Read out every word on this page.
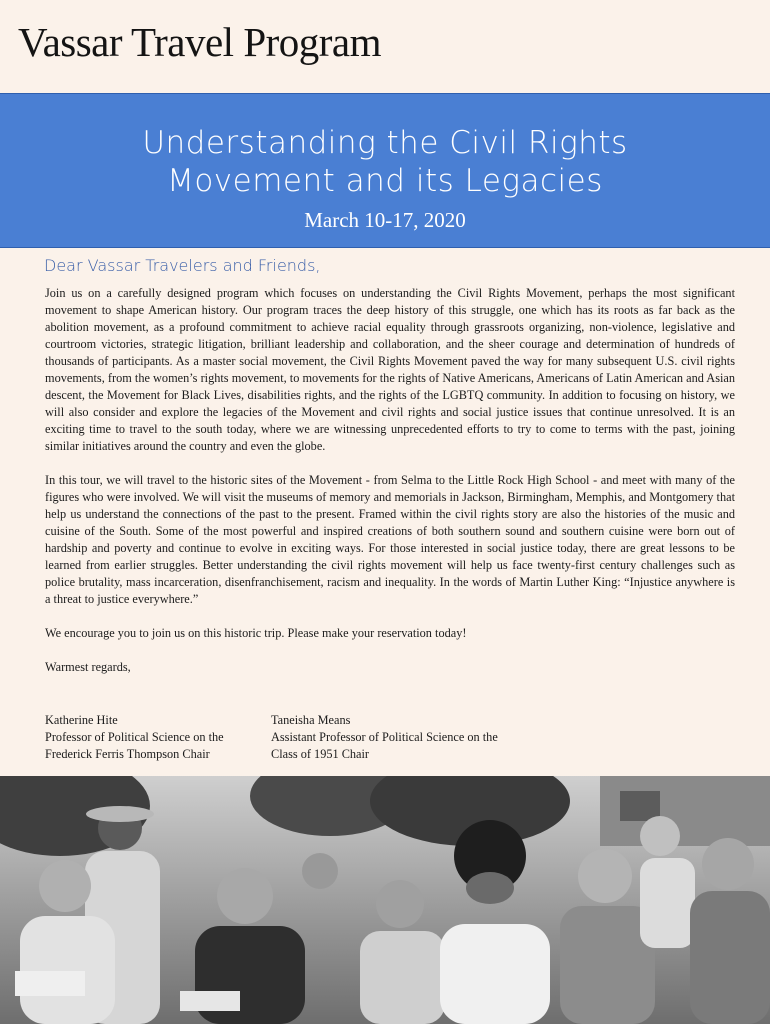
Vassar Travel Program
Understanding the Civil Rights
Movement and its Legacies
March 10-17, 2020
Dear Vassar Travelers and Friends,

Join us on a carefully designed program which focuses on understanding the Civil Rights Movement, perhaps the most significant movement to shape American history. Our program traces the deep history of this struggle, one which has its roots as far back as the abolition movement, as a profound commitment to achieve racial equality through grassroots organizing, non-violence, legislative and courtroom victories, strategic litigation, brilliant leadership and collaboration, and the sheer courage and determination of hundreds of thousands of participants. As a master social movement, the Civil Rights Movement paved the way for many subsequent U.S. civil rights movements, from the women’s rights movement, to movements for the rights of Native Americans, Americans of Latin American and Asian descent, the Movement for Black Lives, disabilities rights, and the rights of the LGBTQ community. In addition to focusing on history, we will also consider and explore the legacies of the Movement and civil rights and social justice issues that continue unresolved. It is an exciting time to travel to the south today, where we are witnessing unprecedented efforts to try to come to terms with the past, joining similar initiatives around the country and even the globe.

In this tour, we will travel to the historic sites of the Movement - from Selma to the Little Rock High School - and meet with many of the figures who were involved. We will visit the museums of memory and memorials in Jackson, Birmingham, Memphis, and Montgomery that help us understand the connections of the past to the present. Framed within the civil rights story are also the histories of the music and cuisine of the South. Some of the most powerful and inspired creations of both southern sound and southern cuisine were born out of hardship and poverty and continue to evolve in exciting ways. For those interested in social justice today, there are great lessons to be learned from earlier struggles. Better understanding the civil rights movement will help us face twenty-first century challenges such as police brutality, mass incarceration, disenfranchisement, racism and inequality. In the words of Martin Luther King: “Injustice anywhere is a threat to justice everywhere.”

We encourage you to join us on this historic trip. Please make your reservation today!

Warmest regards,

Katherine Hite
Professor of Political Science on the
Frederick Ferris Thompson Chair
Taneisha Means
Assistant Professor of Political Science on the
Class of 1951 Chair
